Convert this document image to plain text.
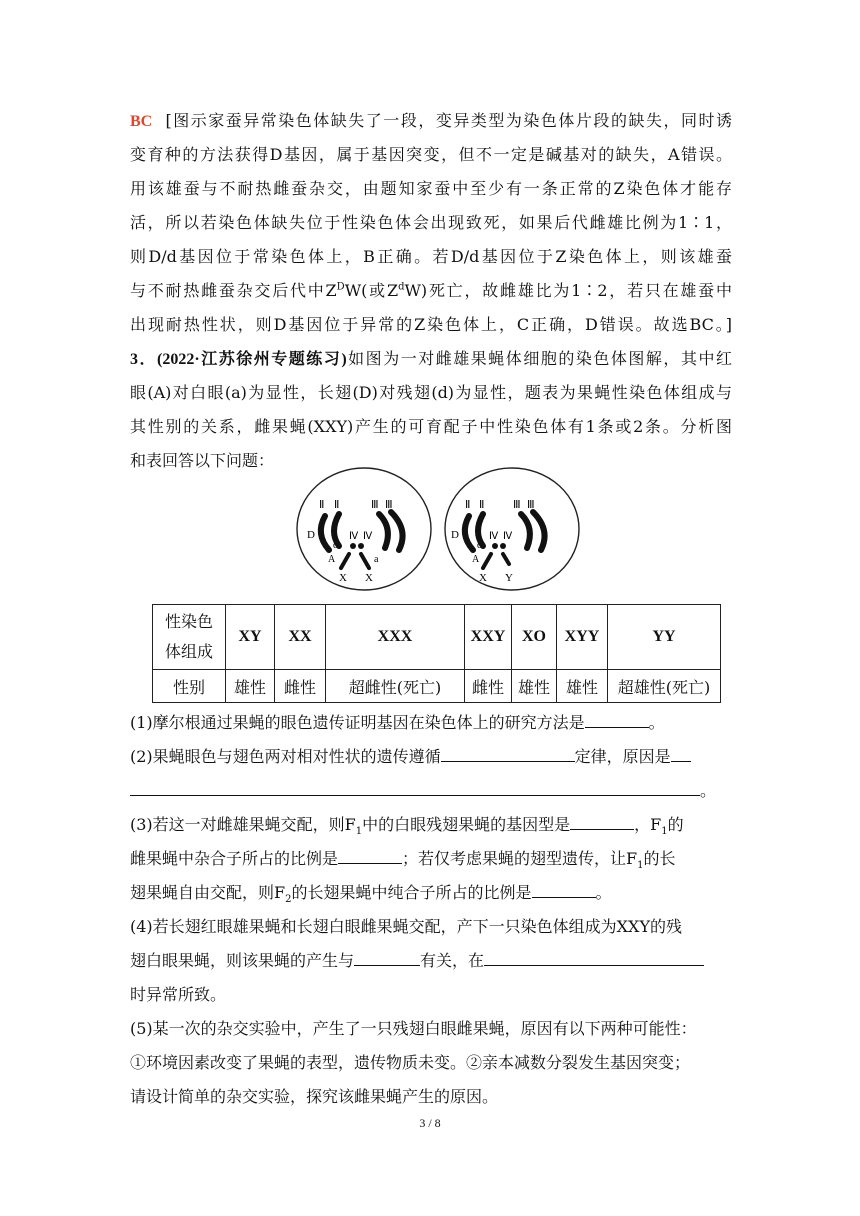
BC [图示家蚕异常染色体缺失了一段，变异类型为染色体片段的缺失，同时诱
变育种的方法获得D基因，属于基因突变，但不一定是碱基对的缺失，A错误。
用该雄蚕与不耐热雌蚕杂交，由题知家蚕中至少有一条正常的Z染色体才能存
活，所以若染色体缺失位于性染色体会出现致死，如果后代雌雄比例为1∶1，
则D/d基因位于常染色体上，B正确。若D/d基因位于Z染色体上，则该雄蚕
与不耐热雌蚕杂交后代中$Z^DW$(或$Z^dW$)死亡，故雌雄比为1∶2，若只在雄蚕中
出现耐热性状，则D基因位于异常的Z染色体上，C正确，D错误。故选BC。]
3．(2022·江苏徐州专题练习)如图为一对雌雄果蝇体细胞的染色体图解，其中红
眼(A)对白眼(a)为显性，长翅(D)对残翅(d)为显性，题表为果蝇性染色体组成与
其性别的关系，雌果蝇(XXY)产生的可育配子中性染色体有1条或2条。分析图
和表回答以下问题：
Ⅱ Ⅱ	Ⅲ Ⅲ
Ⅳ Ⅳ
D
d
A	a
X X
Ⅱ Ⅱ	Ⅲ Ⅲ
Ⅳ Ⅳ
D
d
A
X Y
性染色
体组成	XY	XX	XXX	XXY	XO	XYY	YY
性别	雄性	雌性	超雌性(死亡)	雌性	雄性	雄性	超雄性(死亡)
(1)摩尔根通过果蝇的眼色遗传证明基因在染色体上的研究方法是	。
(2)果蝇眼色与翅色两对相对性状的遗传遵循	定律，原因是
。
(3)若这一对雌雄果蝇交配，则$F_1$中的白眼残翅果蝇的基因型是	，$F_1$的
雌果蝇中杂合子所占的比例是	；若仅考虑果蝇的翅型遗传，让$F_1$的长
翅果蝇自由交配，则$F_2$的长翅果蝇中纯合子所占的比例是	。
(4)若长翅红眼雄果蝇和长翅白眼雌果蝇交配，产下一只染色体组成为XXY的残
翅白眼果蝇，则该果蝇的产生与	有关，在
时异常所致。
(5)某一次的杂交实验中，产生了一只残翅白眼雌果蝇，原因有以下两种可能性：
①环境因素改变了果蝇的表型，遗传物质未变。②亲本减数分裂发生基因突变；
请设计简单的杂交实验，探究该雌果蝇产生的原因。
3 / 8
